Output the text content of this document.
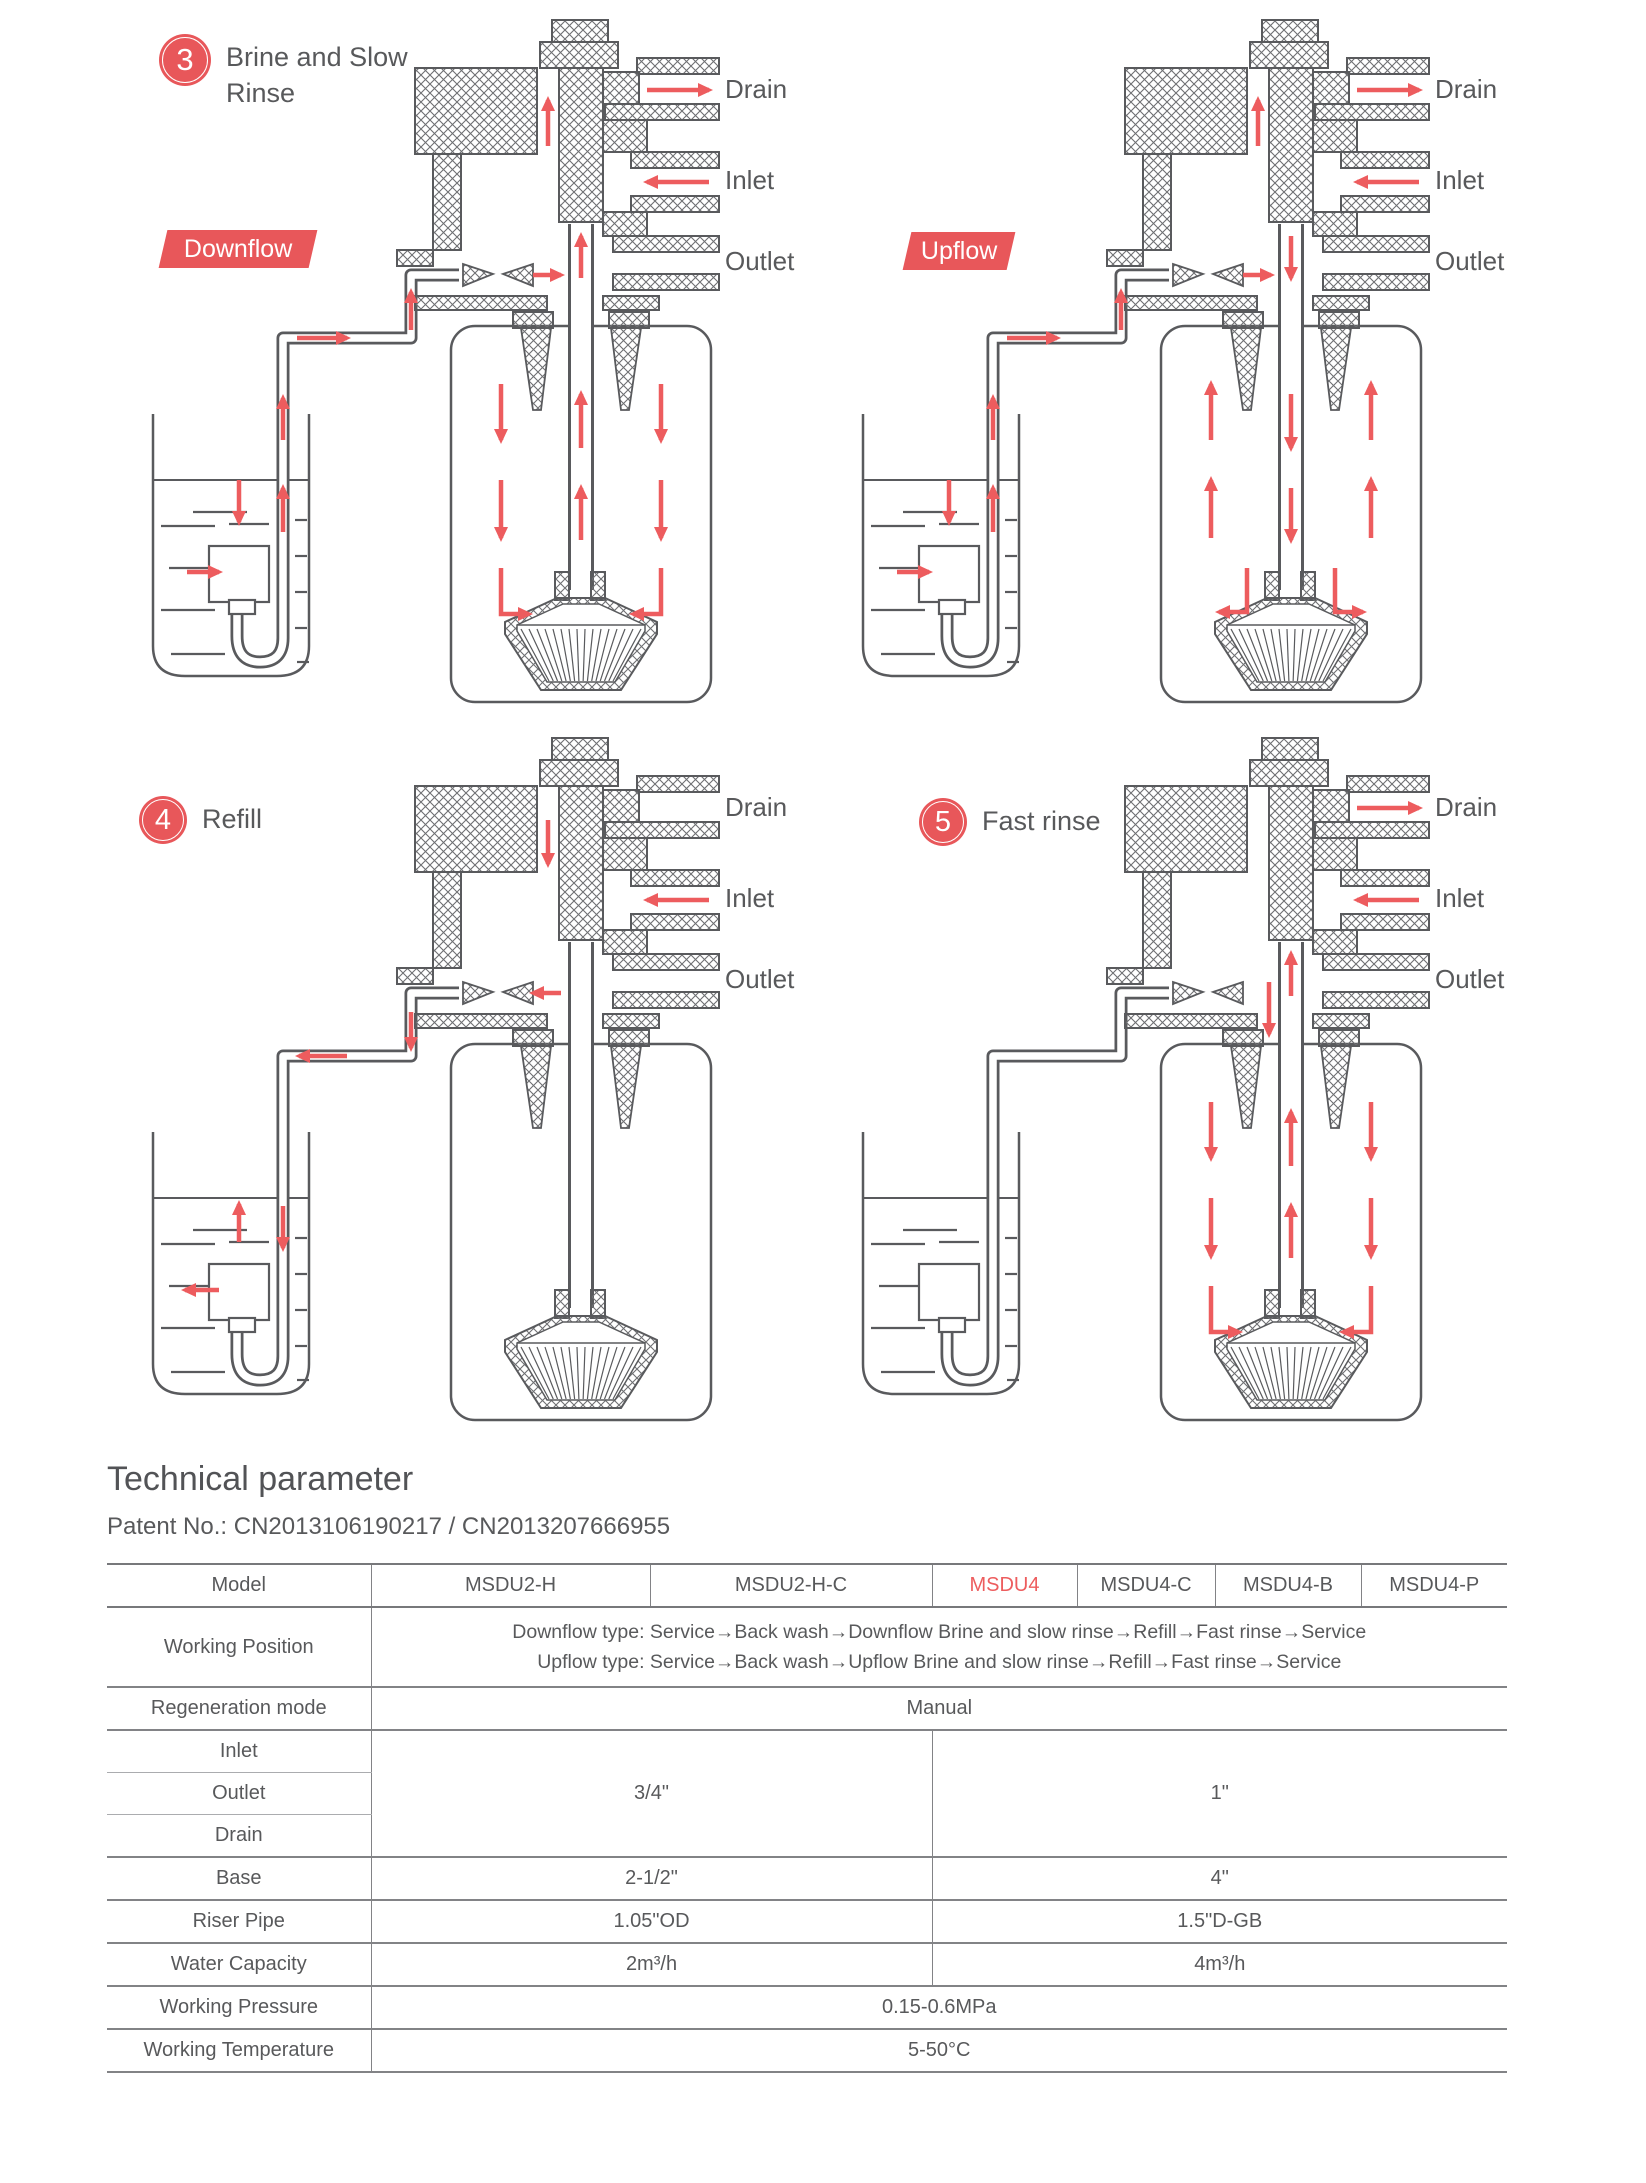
3	Brine and Slow Rinse
Downflow
Drain
Inlet
Outlet	Upflow
Drain
Inlet
Outlet
4	Refill	Drain
Inlet
Outlet
5	Fast rinse	Drain
Inlet
Outlet
Technical parameter

Patent No.: CN2013106190217 / CN2013207666955

Model	MSDU2-H	MSDU2-H-C	MSDU4	MSDU4-C	MSDU4-B	MSDU4-P
Working Position	Downflow type: Service→Back wash→Downflow Brine and slow rinse→Refill→Fast rinse→Service
Upflow type: Service→Back wash→Upflow Brine and slow rinse→Refill→Fast rinse→Service					

Regeneration mode	Manual					
Inlet	3/4"		1"			
Outlet						
Drain						
Base	2-1/2"		4"			
Riser Pipe	1.05"OD		1.5"D-GB			
Water Capacity	2m³/h		4m³/h			
Working Pressure	0.15-0.6MPa					
Working Temperature	5-50°C					
